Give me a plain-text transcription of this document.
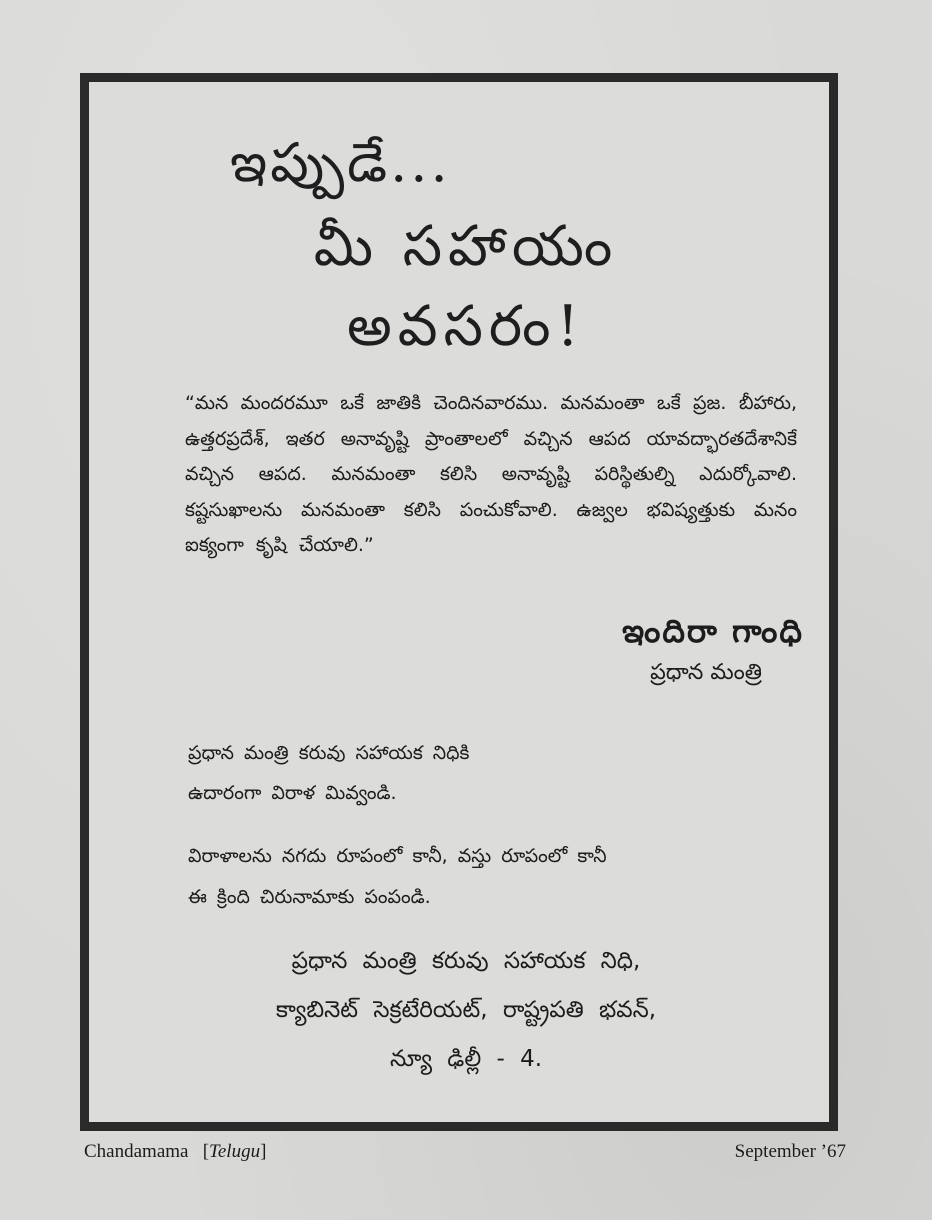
ఇప్పుడే...
మీ సహాయం
అవసరం!
“మన మందరమూ ఒకే జాతికి చెందినవారము. మనమంతా ఒకే ప్రజ. బీహారు, ఉత్తరప్రదేశ్, ఇతర అనావృష్టి ప్రాంతాలలో వచ్చిన ఆపద యావద్భారతదేశానికే వచ్చిన ఆపద. మనమంతా కలిసి అనావృష్టి పరిస్థితుల్ని ఎదుర్కోవాలి. కష్టసుఖాలను మనమంతా కలిసి పంచుకోవాలి. ఉజ్వల భవిష్యత్తుకు మనం ఐక్యంగా కృషి చేయాలి.”
ఇందిరా గాంధి
ప్రధాన మంత్రి
ప్రధాన మంత్రి కరువు సహాయక నిధికి
ఉదారంగా విరాళ మివ్వండి.
విరాళాలను నగదు రూపంలో కానీ, వస్తు రూపంలో కానీ
ఈ క్రింది చిరునామాకు పంపండి.
ప్రధాన మంత్రి కరువు సహాయక నిధి,
క్యాబినెట్ సెక్రటేరియట్, రాష్ట్రపతి భవన్,
న్యూ ఢిల్లీ - 4.
Chandamama [Telugu]	September ’67
